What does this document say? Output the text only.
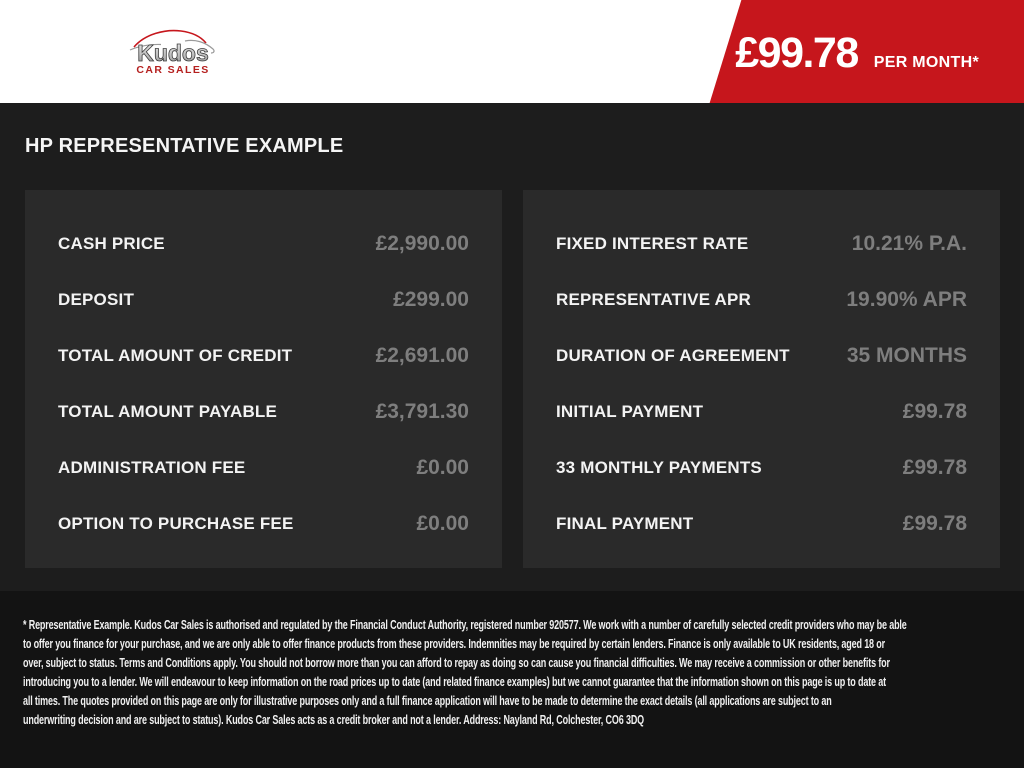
Kudos
CAR SALES	£99.78 PER MONTH*
HP REPRESENTATIVE EXAMPLE
CASH PRICE	£2,990.00
DEPOSIT	£299.00
TOTAL AMOUNT OF CREDIT	£2,691.00
TOTAL AMOUNT PAYABLE	£3,791.30
ADMINISTRATION FEE	£0.00
OPTION TO PURCHASE FEE	£0.00
FIXED INTEREST RATE	10.21% P.A.
REPRESENTATIVE APR	19.90% APR
DURATION OF AGREEMENT	35 MONTHS
INITIAL PAYMENT	£99.78
33 MONTHLY PAYMENTS	£99.78
FINAL PAYMENT	£99.78
* Representative Example. Kudos Car Sales is authorised and regulated by the Financial Conduct Authority, registered number 920577. We work with a number of carefully selected credit providers who may be able
to offer you finance for your purchase, and we are only able to offer finance products from these providers. Indemnities may be required by certain lenders. Finance is only available to UK residents, aged 18 or
over, subject to status. Terms and Conditions apply. You should not borrow more than you can afford to repay as doing so can cause you financial difficulties. We may receive a commission or other benefits for
introducing you to a lender. We will endeavour to keep information on the road prices up to date (and related finance examples) but we cannot guarantee that the information shown on this page is up to date at
all times. The quotes provided on this page are only for illustrative purposes only and a full finance application will have to be made to determine the exact details (all applications are subject to an
underwriting decision and are subject to status). Kudos Car Sales acts as a credit broker and not a lender. Address: Nayland Rd, Colchester, CO6 3DQ
